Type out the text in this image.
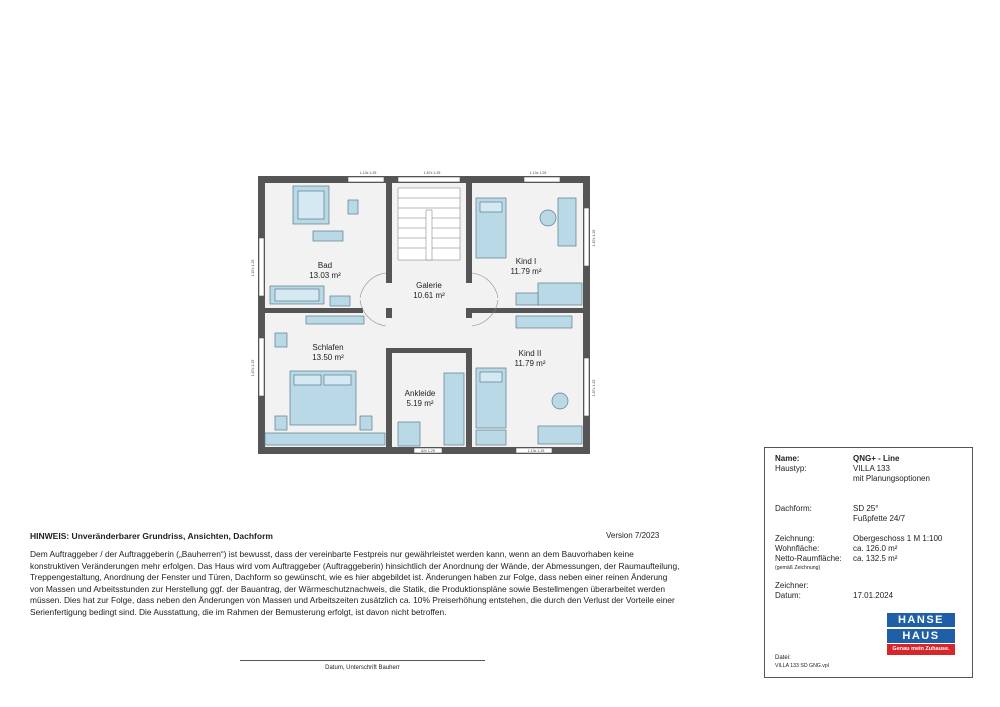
Bad
13.03 m²
Galerie
10.61 m²
Kind I
11.79 m²
Schlafen
13.50 m²	Kind II
11.79 m²
Ankleide
5.19 m²
1.13x 1.25	1.87x 1.25	1.13x 1.25
62x 1.25	1.13x 1.25
1.87x 1.25
1.87x 1.25
1.87x 1.25
1.87x 1.25
HINWEIS: Unveränderbarer Grundriss, Ansichten, Dachform	Version 7/2023
Dem Auftraggeber / der Auftraggeberin („Bauherren“) ist bewusst, dass der vereinbarte Festpreis nur gewährleistet werden kann, wenn an dem Bauvorhaben keine konstruktiven Veränderungen mehr erfolgen. Das Haus wird vom Auftraggeber (Auftraggeberin) hinsichtlich der Anordnung der Wände, der Abmessungen, der Raumaufteilung, Treppengestaltung, Anordnung der Fenster und Türen, Dachform so gewünscht, wie es hier abgebildet ist. Änderungen haben zur Folge, dass neben einer reinen Änderung von Massen und Arbeitsstunden zur Herstellung ggf. der Bauantrag, der Wärmeschutznachweis, die Statik, die Produktionspläne sowie Bestellmengen überarbeitet werden müssen. Dies hat zur Folge, dass neben den Änderungen von Massen und Arbeitszeiten zusätzlich ca. 10% Preiserhöhung entstehen, die durch den Verlust der Vorteile einer Serienfertigung bedingt sind. Die Ausstattung, die im Rahmen der Bemusterung erfolgt, ist davon nicht betroffen.
Datum, Unterschrift Bauherr
Name:	QNG+ - Line
Haustyp:	VILLA 133
mit Planungsoptionen
Dachform:	SD 25°
Fußpfette 24/7
Zeichnung:	Obergeschoss 1 M 1:100
Wohnfläche:	ca. 126.0 m²
Netto-Raumfläche: ca. 132.5 m²
(gemäß Zeichnung)
Zeichner:
Datum:	17.01.2024
HANSE
HAUS
Genau mein Zuhause.
Datei:
VILLA 133 SD GNG.vpl
